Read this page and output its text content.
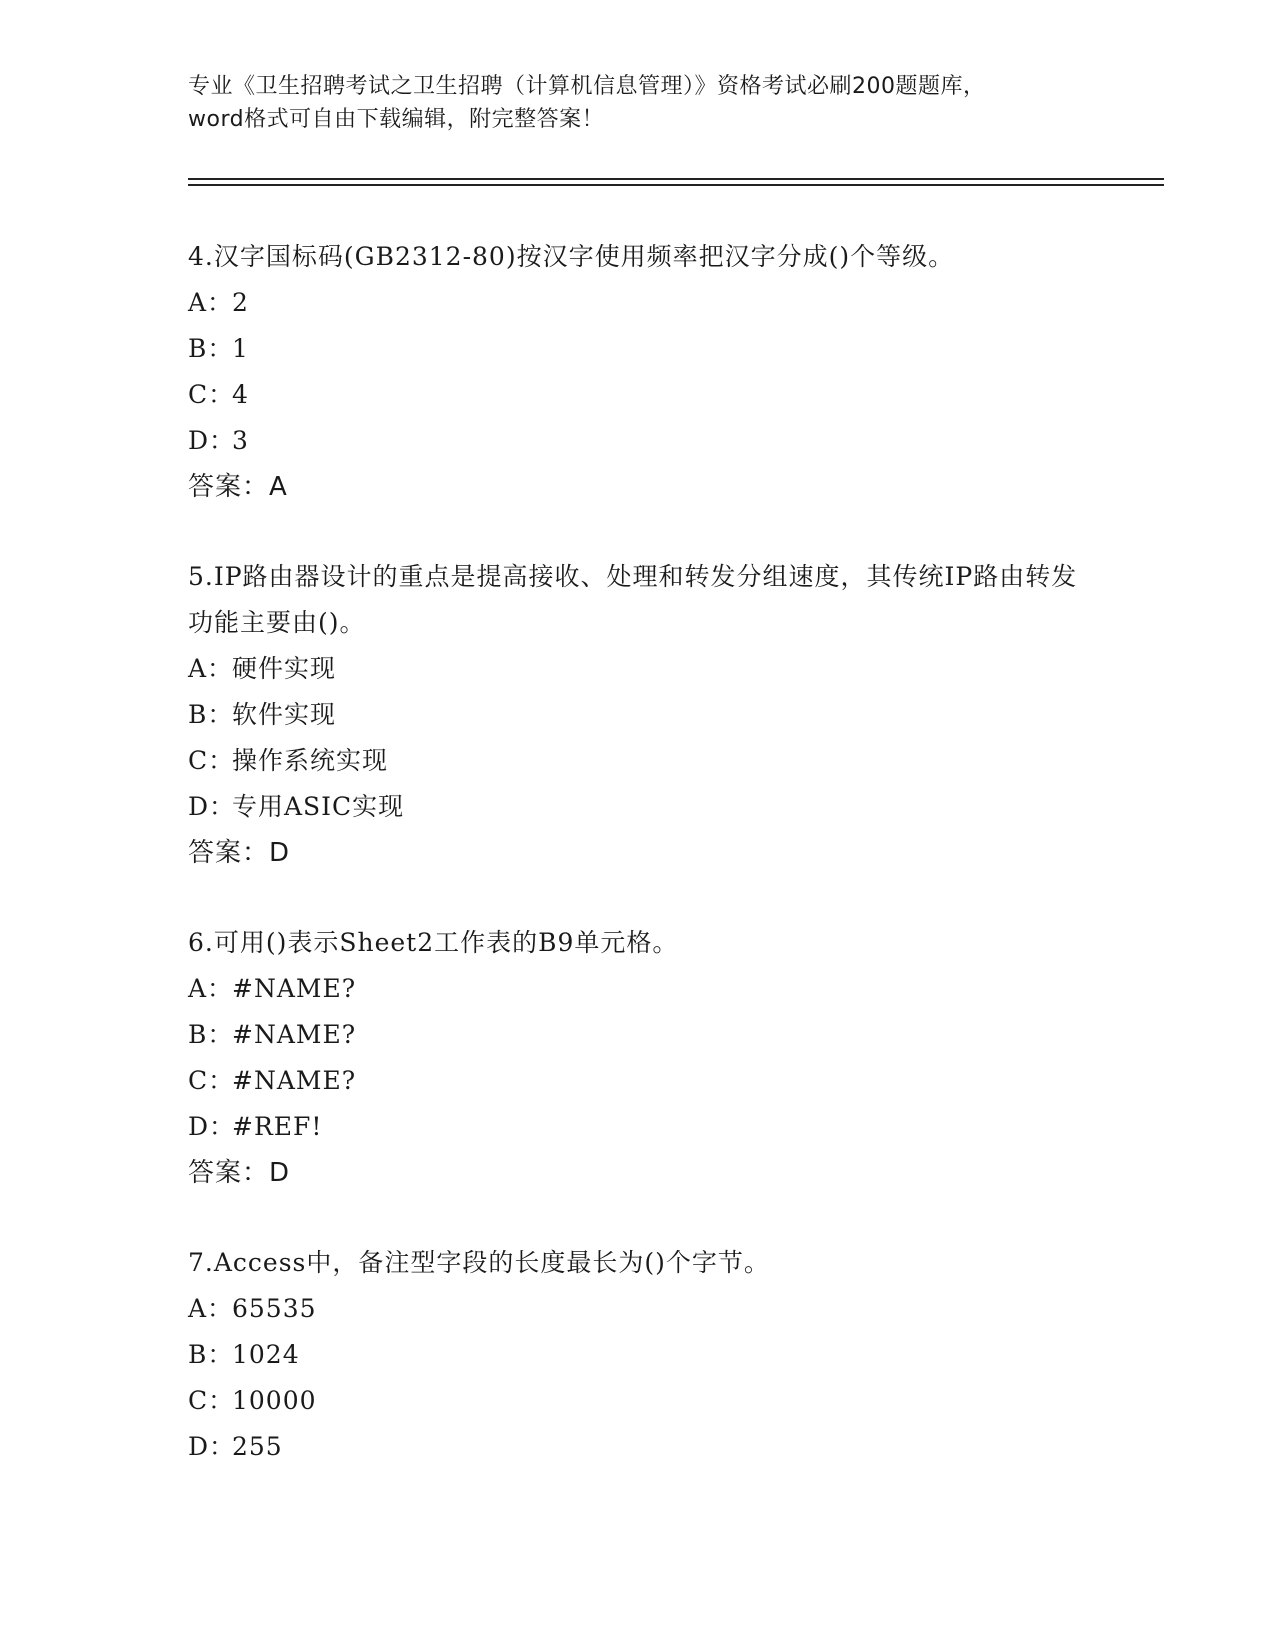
专业《卫生招聘考试之卫生招聘（计算机信息管理）》资格考试必刷200题题库，
word格式可自由下载编辑，附完整答案！

4.汉字国标码(GB2312-80)按汉字使用频率把汉字分成()个等级。

A：2

B：1

C：4

D：3

答案：A

5.IP路由器设计的重点是提高接收、处理和转发分组速度，其传统IP路由转发功能主要由()。

A：硬件实现

B：软件实现

C：操作系统实现

D：专用ASIC实现

答案：D

6.可用()表示Sheet2工作表的B9单元格。

A：#NAME?

B：#NAME?

C：#NAME?

D：#REF!

答案：D

7.Access中，备注型字段的长度最长为()个字节。

A：65535

B：1024

C：10000

D：255
